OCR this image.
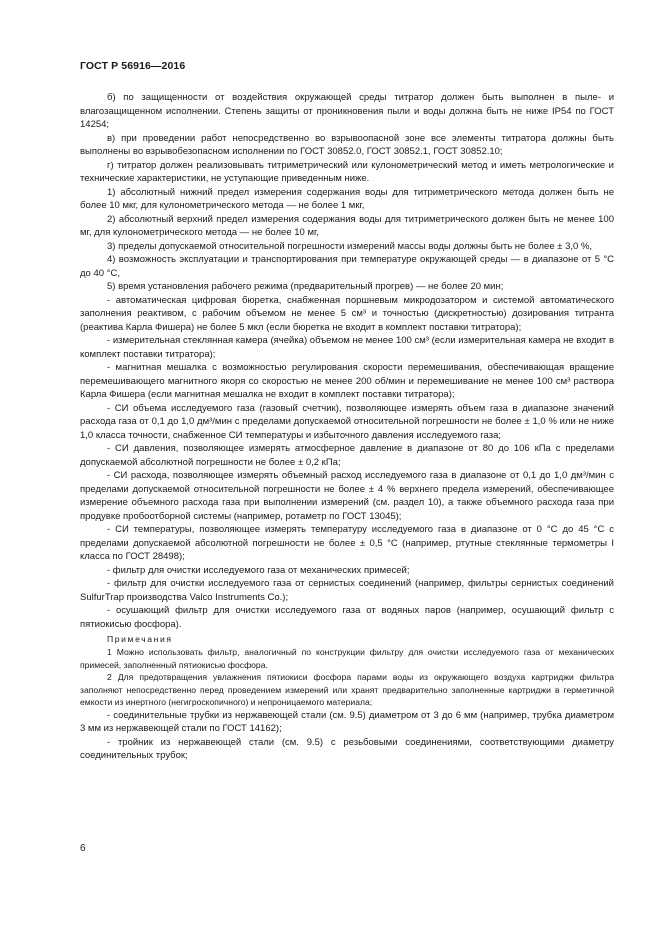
ГОСТ Р 56916—2016

б) по защищенности от воздействия окружающей среды титратор должен быть выполнен в пыле- и влагозащищенном исполнении. Степень защиты от проникновения пыли и воды должна быть не ниже IP54 по ГОСТ 14254;

в) при проведении работ непосредственно во взрывоопасной зоне все элементы титратора должны быть выполнены во взрывобезопасном исполнении по ГОСТ 30852.0, ГОСТ 30852.1, ГОСТ 30852.10;

г) титратор должен реализовывать титриметрический или кулонометрический метод и иметь метрологические и технические характеристики, не уступающие приведенным ниже.

1) абсолютный нижний предел измерения содержания воды для титриметрического метода должен быть не более 10 мкг, для кулонометрического метода — не более 1 мкг,

2) абсолютный верхний предел измерения содержания воды для титриметрического должен быть не менее 100 мг, для кулонометрического метода — не более 10 мг,

3) пределы допускаемой относительной погрешности измерений массы воды должны быть не более ± 3,0 %,

4) возможность эксплуатации и транспортирования при температуре окружающей среды — в диапазоне от 5 °C до 40 °C,

5) время установления рабочего режима (предварительный прогрев) — не более 20 мин;

- автоматическая цифровая бюретка, снабженная поршневым микродозатором и системой автоматического заполнения реактивом, с рабочим объемом не менее 5 см³ и точностью (дискретностью) дозирования титранта (реактива Карла Фишера) не более 5 мкл (если бюретка не входит в комплект поставки титратора);

- измерительная стеклянная камера (ячейка) объемом не менее 100 см³ (если измерительная камера не входит в комплект поставки титратора);

- магнитная мешалка с возможностью регулирования скорости перемешивания, обеспечивающая вращение перемешивающего магнитного якоря со скоростью не менее 200 об/мин и перемешивание не менее 100 см³ раствора Карла Фишера (если магнитная мешалка не входит в комплект поставки титратора);

- СИ объема исследуемого газа (газовый счетчик), позволяющее измерять объем газа в диапазоне значений расхода газа от 0,1 до 1,0 дм³/мин с пределами допускаемой относительной погрешности не более ± 1,0 % или не ниже 1,0 класса точности, снабженное СИ температуры и избыточного давления исследуемого газа;

- СИ давления, позволяющее измерять атмосферное давление в диапазоне от 80 до 106 кПа с пределами допускаемой абсолютной погрешности не более ± 0,2 кПа;

- СИ расхода, позволяющее измерять объемный расход исследуемого газа в диапазоне от 0,1 до 1,0 дм³/мин с пределами допускаемой относительной погрешности не более ± 4 % верхнего предела измерений, обеспечивающее измерение объемного расхода газа при выполнении измерений (см. раздел 10), а также объемного расхода газа при продувке пробоотборной системы (например, ротаметр по ГОСТ 13045);

- СИ температуры, позволяющее измерять температуру исследуемого газа в диапазоне от 0 °C до 45 °C с пределами допускаемой абсолютной погрешности не более ± 0,5 °C (например, ртутные стеклянные термометры I класса по ГОСТ 28498);

- фильтр для очистки исследуемого газа от механических примесей;

- фильтр для очистки исследуемого газа от сернистых соединений (например, фильтры сернистых соединений SulfurTrap производства Valco Instruments Co.);

- осушающий фильтр для очистки исследуемого газа от водяных паров (например, осушающий фильтр с пятиокисью фосфора).

Примечания

1 Можно использовать фильтр, аналогичный по конструкции фильтру для очистки исследуемого газа от механических примесей, заполненный пятиокисью фосфора.

2 Для предотвращения увлажнения пятиокиси фосфора парами воды из окружающего воздуха картриджи фильтра заполняют непосредственно перед проведением измерений или хранят предварительно заполненные картриджи в герметичной емкости из инертного (негигроскопичного) и непроницаемого материала;

- соединительные трубки из нержавеющей стали (см. 9.5) диаметром от 3 до 6 мм (например, трубка диаметром 3 мм из нержавеющей стали по ГОСТ 14162);

- тройник из нержавеющей стали (см. 9.5) с резьбовыми соединениями, соответствующими диаметру соединительных трубок;

6
